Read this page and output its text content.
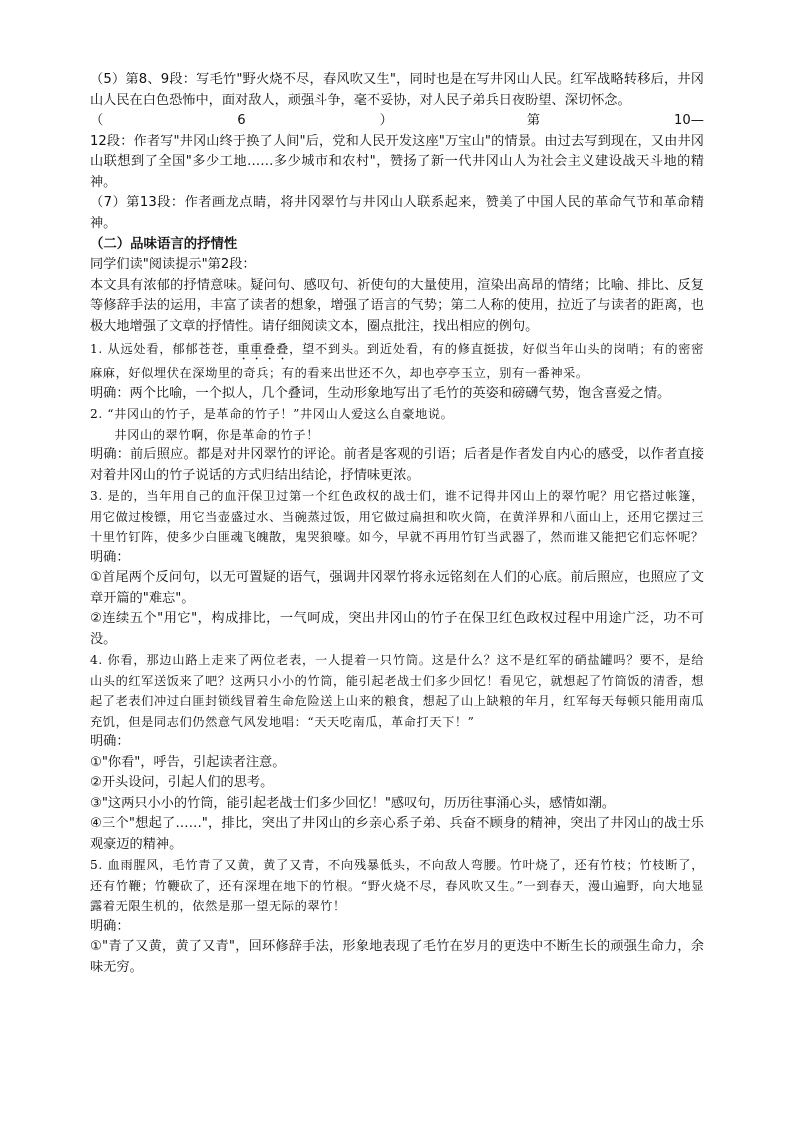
（5）第8、9段：写毛竹"野火烧不尽，春风吹又生"，同时也是在写井冈山人民。红军战略转移后，井冈山人民在白色恐怖中，面对敌人，顽强斗争，毫不妥协，对人民子弟兵日夜盼望、深切怀念。

（	6	）	第	10—

12段：作者写"井冈山终于换了人间"后，党和人民开发这座"万宝山"的情景。由过去写到现在，又由井冈山联想到了全国"多少工地……多少城市和农村"，赞扬了新一代井冈山人为社会主义建设战天斗地的精神。

（7）第13段：作者画龙点睛，将井冈翠竹与井冈山人联系起来，赞美了中国人民的革命气节和革命精神。

（二）品味语言的抒情性

同学们读"阅读提示"第2段：

本文具有浓郁的抒情意味。疑问句、感叹句、祈使句的大量使用，渲染出高昂的情绪；比喻、排比、反复等修辞手法的运用，丰富了读者的想象，增强了语言的气势；第二人称的使用，拉近了与读者的距离，也极大地增强了文章的抒情性。请仔细阅读文本，圈点批注，找出相应的例句。

1. 从远处看，郁郁苍苍，重重叠叠，望不到头。到近处看，有的修直挺拔，好似当年山头的岗哨；有的密密麻麻，好似埋伏在深坳里的奇兵；有的看来出世还不久，却也亭亭玉立，别有一番神采。

明确：两个比喻，一个拟人，几个叠词，生动形象地写出了毛竹的英姿和磅礴气势，饱含喜爱之情。

2. “井冈山的竹子，是革命的竹子！”井冈山人爱这么自豪地说。

井冈山的翠竹啊，你是革命的竹子！

明确：前后照应。都是对井冈翠竹的评论。前者是客观的引语；后者是作者发自内心的感受，以作者直接对着井冈山的竹子说话的方式归结出结论，抒情味更浓。

3. 是的，当年用自己的血汗保卫过第一个红色政权的战士们，谁不记得井冈山上的翠竹呢？用它搭过帐篷，用它做过梭镖，用它当壶盛过水、当碗蒸过饭，用它做过扁担和吹火筒，在黄洋界和八面山上，还用它摆过三十里竹钉阵，使多少白匪魂飞魄散，鬼哭狼嚎。如今，早就不再用竹钉当武器了，然而谁又能把它们忘怀呢？

明确：

①首尾两个反问句，以无可置疑的语气，强调井冈翠竹将永远铭刻在人们的心底。前后照应，也照应了文章开篇的"难忘"。

②连续五个"用它"，构成排比，一气呵成，突出井冈山的竹子在保卫红色政权过程中用途广泛，功不可没。

4. 你看，那边山路上走来了两位老表，一人提着一只竹筒。这是什么？这不是红军的硝盐罐吗？要不，是给山头的红军送饭来了吧？这两只小小的竹筒，能引起老战士们多少回忆！看见它，就想起了竹筒饭的清香，想起了老表们冲过白匪封锁线冒着生命危险送上山来的粮食，想起了山上缺粮的年月，红军每天每顿只能用南瓜充饥，但是同志们仍然意气风发地唱：“天天吃南瓜，革命打天下！”

明确：

①"你看"，呼告，引起读者注意。

②开头设问，引起人们的思考。

③"这两只小小的竹筒，能引起老战士们多少回忆！"感叹句，历历往事涌心头，感情如潮。

④三个"想起了……"，排比，突出了井冈山的乡亲心系子弟、兵奋不顾身的精神，突出了井冈山的战士乐观豪迈的精神。

5. 血雨腥风，毛竹青了又黄，黄了又青，不向残暴低头，不向敌人弯腰。竹叶烧了，还有竹枝；竹枝断了，还有竹鞭；竹鞭砍了，还有深埋在地下的竹根。“野火烧不尽，春风吹又生。”一到春天，漫山遍野，向大地显露着无限生机的，依然是那一望无际的翠竹！

明确：

①"青了又黄，黄了又青"，回环修辞手法，形象地表现了毛竹在岁月的更迭中不断生长的顽强生命力，余味无穷。
